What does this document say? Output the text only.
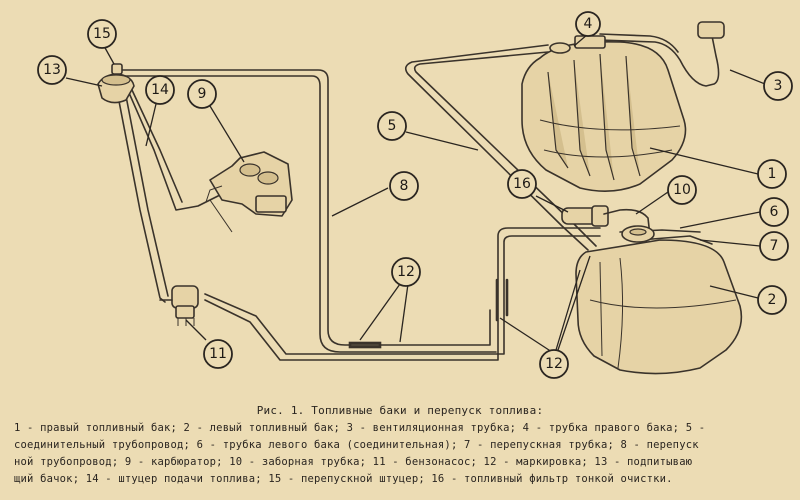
1
2
3
4
5
6
7
8
9
10
11
12
12
13
14
15
16
Рис. 1. Топливные баки и перепуск топлива:
1 - правый топливный бак; 2 - левый топливный бак; 3 - вентиляционная трубка; 4 - трубка правого бака; 5 -
соединительный трубопровод; 6 - трубка левого бака (соединительная); 7 - перепускная трубка; 8 - перепуск
ной трубопровод; 9 - карбюратор; 10 - заборная трубка; 11 - бензонасос; 12 - маркировка; 13 - подпитываю
щий бачок; 14 - штуцер подачи топлива; 15 - перепускной штуцер; 16 - топливный фильтр тонкой очистки.
